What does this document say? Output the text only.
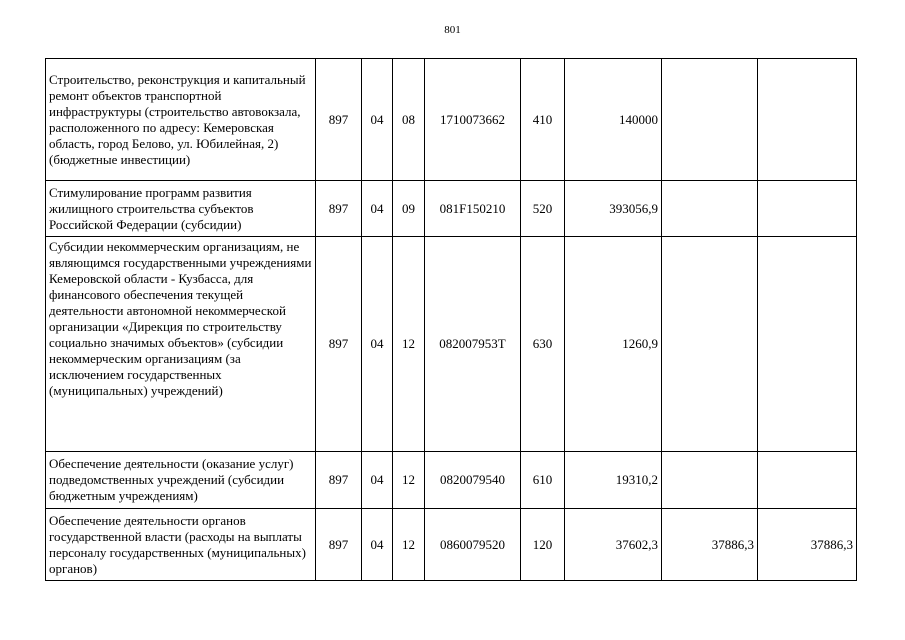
801
Строительство, реконструкция и капитальный ремонт объектов транспортной инфраструктуры (строительство автовокзала, расположенного по адресу: Кемеровская область, город Белово, ул. Юбилейная, 2) (бюджетные инвестиции)	897	04	08	1710073662	410	140000		
Стимулирование программ развития жилищного строительства субъектов Российской Федерации (субсидии)	897	04	09	081F150210	520	393056,9		
Субсидии некоммерческим организациям, не являющимся государственными учреждениями Кемеровской области - Кузбасса, для финансового обеспечения текущей деятельности автономной некоммерческой организации «Дирекция по строительству социально значимых объектов» (субсидии некоммерческим организациям (за исключением государственных (муниципальных) учреждений)	897	04	12	082007953Т	630	1260,9		
Обеспечение деятельности (оказание услуг) подведомственных учреждений (субсидии бюджетным учреждениям)	897	04	12	0820079540	610	19310,2		
Обеспечение деятельности органов государственной власти (расходы на выплаты персоналу государственных (муниципальных) органов)	897	04	12	0860079520	120	37602,3	37886,3	37886,3
